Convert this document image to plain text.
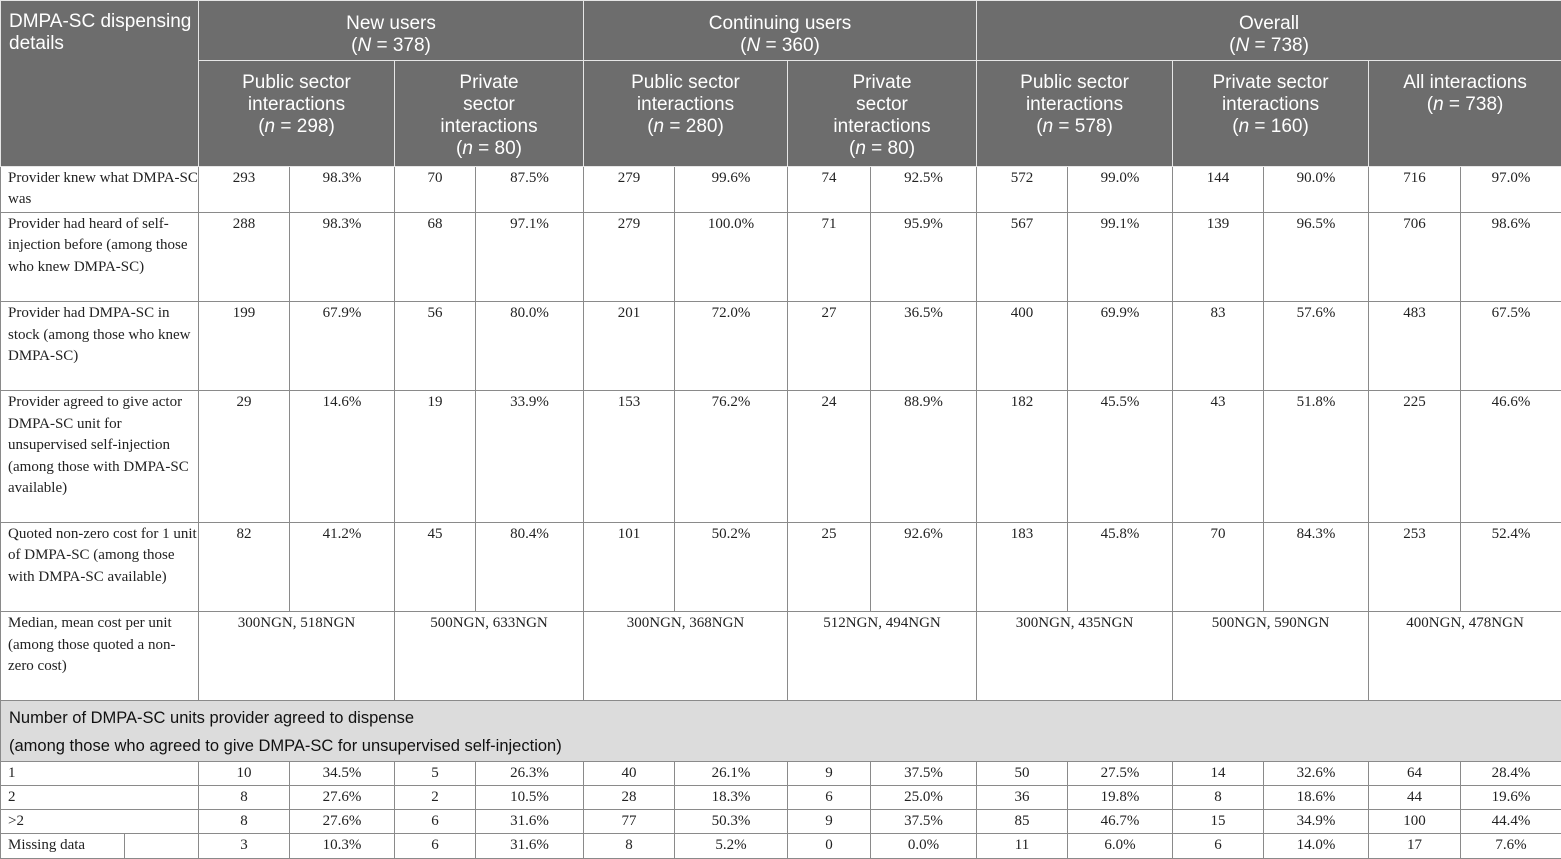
DMPA-SC dispensing details		New users
(N = 378)				Continuing users
(N = 360)				Overall
(N = 738)					

		Public sector
interactions
(n = 298)		Private
sector
interactions
(n = 80)		Public sector
interactions
(n = 280)		Private
sector
interactions
(n = 80)		Public sector
interactions
(n = 578)		Private sector
interactions
(n = 160)		All interactions
(n = 738)	

Provider knew what DMPA-SC was		293	98.3%	70	87.5%	279	99.6%	74	92.5%	572	99.0%	144	90.0%	716	97.0%
Provider had heard of self-injection before (among those who knew DMPA-SC)		288	98.3%	68	97.1%	279	100.0%	71	95.9%	567	99.1%	139	96.5%	706	98.6%
Provider had DMPA-SC in stock (among those who knew DMPA-SC)		199	67.9%	56	80.0%	201	72.0%	27	36.5%	400	69.9%	83	57.6%	483	67.5%
Provider agreed to give actor DMPA-SC unit for unsupervised self-injection (among those with DMPA-SC available)		29	14.6%	19	33.9%	153	76.2%	24	88.9%	182	45.5%	43	51.8%	225	46.6%
Quoted non-zero cost for 1 unit of DMPA-SC (among those with DMPA-SC available)		82	41.2%	45	80.4%	101	50.2%	25	92.6%	183	45.8%	70	84.3%	253	52.4%
Median, mean cost per unit (among those quoted a non-zero cost)		300NGN, 518NGN		500NGN, 633NGN		300NGN, 368NGN		512NGN, 494NGN		300NGN, 435NGN		500NGN, 590NGN		400NGN, 478NGN	

Number of DMPA-SC units provider agreed to dispense
(among those who agreed to give DMPA-SC for unsupervised self-injection)															

1		10	34.5%	5	26.3%	40	26.1%	9	37.5%	50	27.5%	14	32.6%	64	28.4%
2		8	27.6%	2	10.5%	28	18.3%	6	25.0%	36	19.8%	8	18.6%	44	19.6%
>2		8	27.6%	6	31.6%	77	50.3%	9	37.5%	85	46.7%	15	34.9%	100	44.4%
Missing data		3	10.3%	6	31.6%	8	5.2%	0	0.0%	11	6.0%	6	14.0%	17	7.6%
